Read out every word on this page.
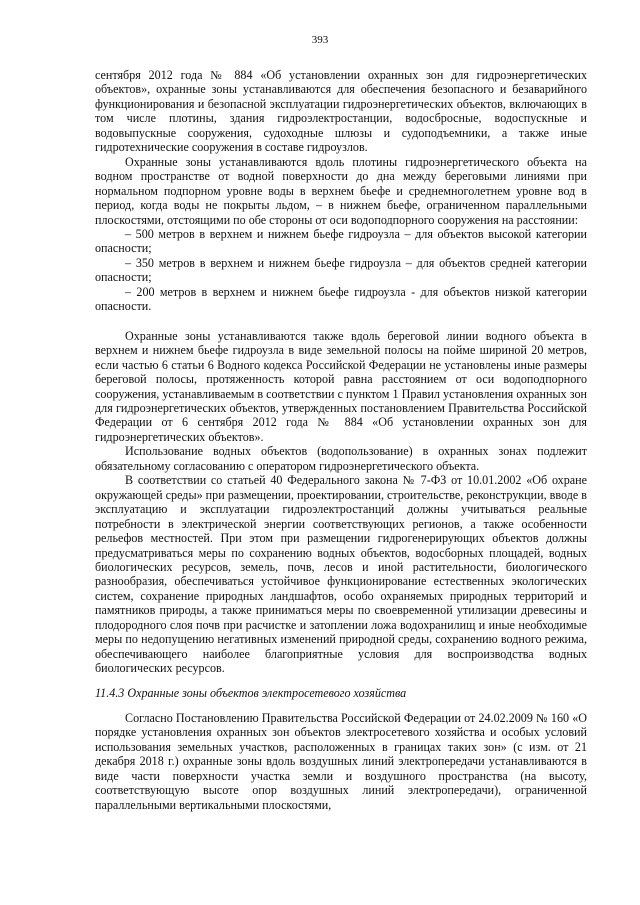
393

сентября 2012 года № 884 «Об установлении охранных зон для гидроэнергетических объектов», охранные зоны устанавливаются для обеспечения безопасного и безаварийного функционирования и безопасной эксплуатации гидроэнергетических объектов, включающих в том числе плотины, здания гидроэлектростанции, водосбросные, водоспускные и водовыпускные сооружения, судоходные шлюзы и судоподъемники, а также иные гидротехнические сооружения в составе гидроузлов.

Охранные зоны устанавливаются вдоль плотины гидроэнергетического объекта на водном пространстве от водной поверхности до дна между береговыми линиями при нормальном подпорном уровне воды в верхнем бьефе и среднемноголетнем уровне вод в период, когда воды не покрыты льдом, – в нижнем бьефе, ограниченном параллельными плоскостями, отстоящими по обе стороны от оси водоподпорного сооружения на расстоянии:

– 500 метров в верхнем и нижнем бьефе гидроузла – для объектов высокой категории опасности;

– 350 метров в верхнем и нижнем бьефе гидроузла – для объектов средней категории опасности;

– 200 метров в верхнем и нижнем бьефе гидроузла - для объектов низкой категории опасности.

Охранные зоны устанавливаются также вдоль береговой линии водного объекта в верхнем и нижнем бьефе гидроузла в виде земельной полосы на пойме шириной 20 метров, если частью 6 статьи 6 Водного кодекса Российской Федерации не установлены иные размеры береговой полосы, протяженность которой равна расстоянием от оси водоподпорного сооружения, устанавливаемым в соответствии с пунктом 1 Правил установления охранных зон для гидроэнергетических объектов, утвержденных постановлением Правительства Российской Федерации от 6 сентября 2012 года № 884 «Об установлении охранных зон для гидроэнергетических объектов».

Использование водных объектов (водопользование) в охранных зонах подлежит обязательному согласованию с оператором гидроэнергетического объекта.

В соответствии со статьей 40 Федерального закона № 7-ФЗ от 10.01.2002 «Об охране окружающей среды» при размещении, проектировании, строительстве, реконструкции, вводе в эксплуатацию и эксплуатации гидроэлектростанций должны учитываться реальные потребности в электрической энергии соответствующих регионов, а также особенности рельефов местностей. При этом при размещении гидрогенерирующих объектов должны предусматриваться меры по сохранению водных объектов, водосборных площадей, водных биологических ресурсов, земель, почв, лесов и иной растительности, биологического разнообразия, обеспечиваться устойчивое функционирование естественных экологических систем, сохранение природных ландшафтов, особо охраняемых природных территорий и памятников природы, а также приниматься меры по своевременной утилизации древесины и плодородного слоя почв при расчистке и затоплении ложа водохранилищ и иные необходимые меры по недопущению негативных изменений природной среды, сохранению водного режима, обеспечивающего наиболее благоприятные условия для воспроизводства водных биологических ресурсов.

11.4.3 Охранные зоны объектов электросетевого хозяйства

Согласно Постановлению Правительства Российской Федерации от 24.02.2009 № 160 «О порядке установления охранных зон объектов электросетевого хозяйства и особых условий использования земельных участков, расположенных в границах таких зон» (с изм. от 21 декабря 2018 г.) охранные зоны вдоль воздушных линий электропередачи устанавливаются в виде части поверхности участка земли и воздушного пространства (на высоту, соответствующую высоте опор воздушных линий электропередачи), ограниченной параллельными вертикальными плоскостями,
